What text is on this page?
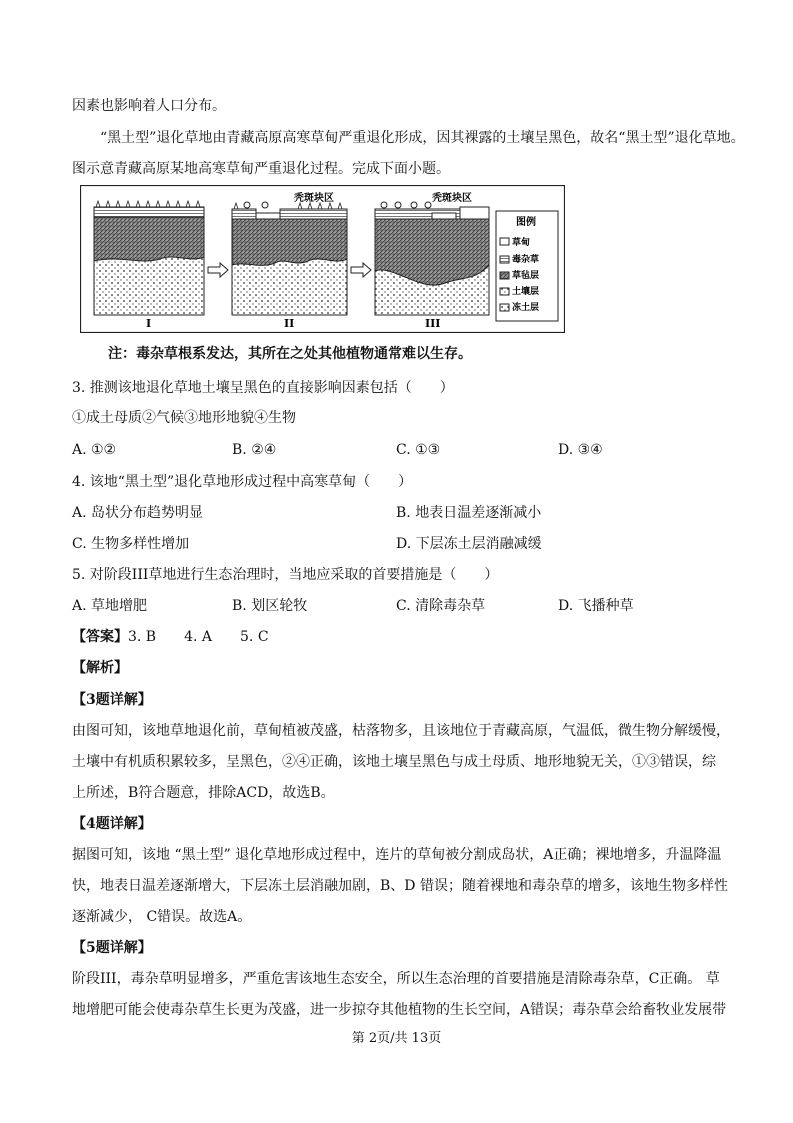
因素也影响着人口分布。
“黑土型”退化草地由青藏高原高寒草甸严重退化形成，因其裸露的土壤呈黑色，故名“黑土型”退化草地。
图示意青藏高原某地高寒草甸严重退化过程。完成下面小题。
秃斑块区	秃斑块区
I	II	III
图例
草甸
毒杂草
草毡层
土壤层
冻土层
注：毒杂草根系发达，其所在之处其他植物通常难以生存。
3. 推测该地退化草地土壤呈黑色的直接影响因素包括（　　）
①成土母质②气候③地形地貌④生物
A. ①②	B. ②④	C. ①③	D. ③④
4. 该地“黑土型”退化草地形成过程中高寒草甸（　　）
A. 岛状分布趋势明显	B. 地表日温差逐渐减小
C. 生物多样性增加	D. 下层冻土层消融减缓
5. 对阶段III草地进行生态治理时，当地应采取的首要措施是（　　）
A. 草地增肥	B. 划区轮牧	C. 清除毒杂草	D. 飞播种草
【答案】3. B　　4. A　　5. C
【解析】
【3题详解】
由图可知，该地草地退化前，草甸植被茂盛，枯落物多，且该地位于青藏高原，气温低，微生物分解缓慢，
土壤中有机质积累较多，呈黑色，②④正确，该地土壤呈黑色与成土母质、地形地貌无关，①③错误，综
上所述，B符合题意，排除ACD，故选B。
【4题详解】
据图可知，该地 “黑土型” 退化草地形成过程中，连片的草甸被分割成岛状，A正确；裸地增多，升温降温
快，地表日温差逐渐增大，下层冻土层消融加剧，B、D 错误；随着裸地和毒杂草的增多，该地生物多样性
逐渐减少， C错误。故选A。
【5题详解】
阶段III，毒杂草明显增多，严重危害该地生态安全，所以生态治理的首要措施是清除毒杂草，C正确。 草
地增肥可能会使毒杂草生长更为茂盛，进一步掠夺其他植物的生长空间，A错误；毒杂草会给畜牧业发展带
第 2页/共 13页
